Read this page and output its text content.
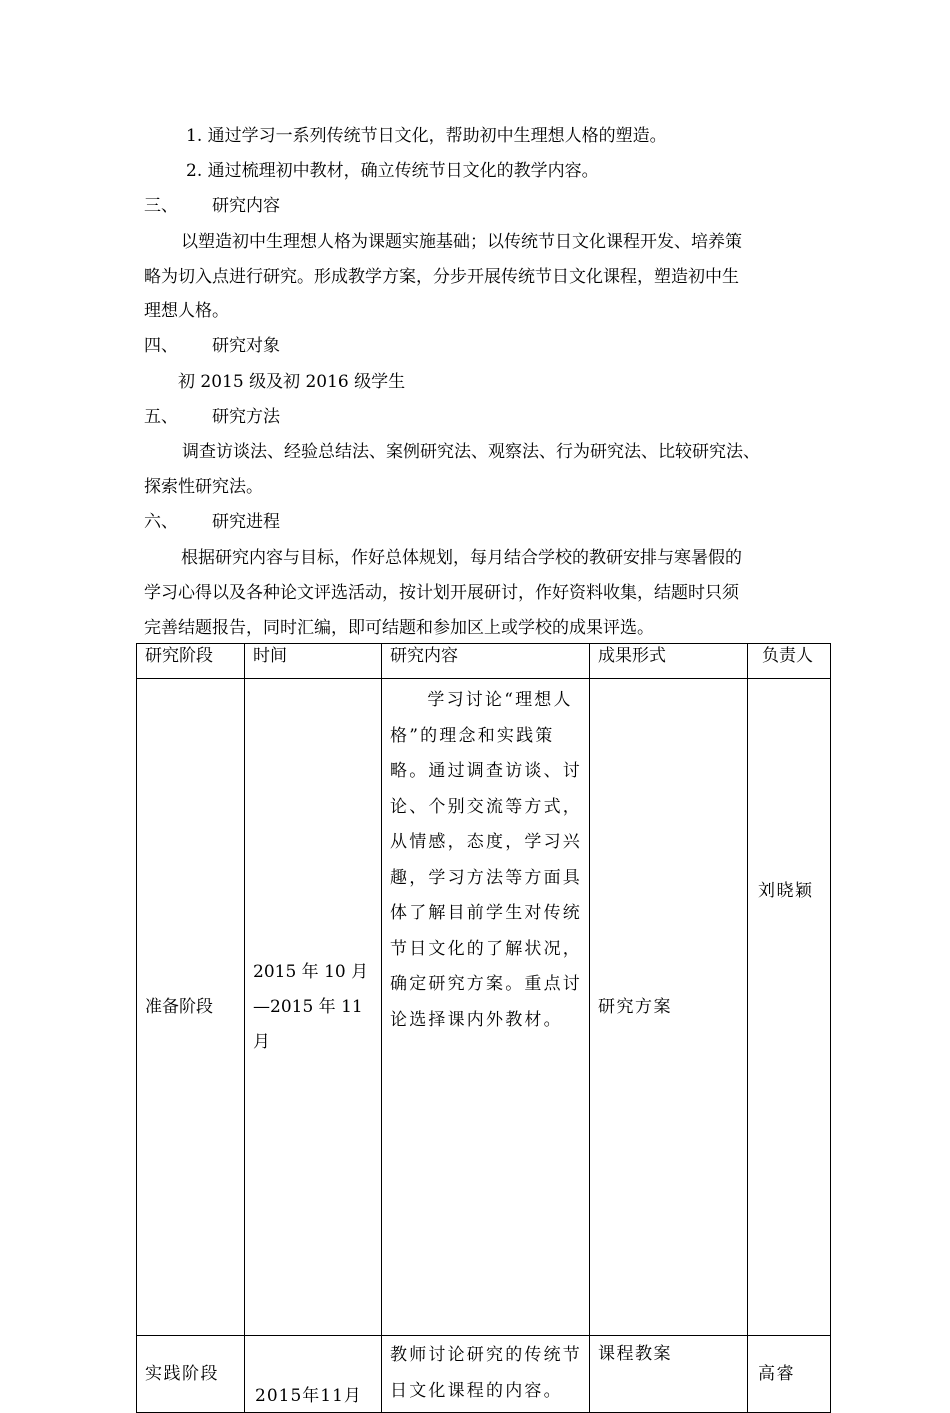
1. 通过学习一系列传统节日文化，帮助初中生理想人格的塑造。
2. 通过梳理初中教材，确立传统节日文化的教学内容。
三、 研究内容
以塑造初中生理想人格为课题实施基础；以传统节日文化课程开发、培养策
略为切入点进行研究。形成教学方案，分步开展传统节日文化课程，塑造初中生
理想人格。
四、 研究对象
初 2015 级及初 2016 级学生
五、 研究方法
调查访谈法、经验总结法、案例研究法、观察法、行为研究法、比较研究法、
探索性研究法。
六、 研究进程
根据研究内容与目标，作好总体规划，每月结合学校的教研安排与寒暑假的
学习心得以及各种论文评选活动，按计划开展研讨，作好资料收集，结题时只须
完善结题报告，同时汇编，即可结题和参加区上或学校的成果评选。
研究阶段	时间	研究内容	成果形式	负责人
准备阶段	2015 年 10 月
—2015 年 11
月	学习讨论“理想人格”的理念和实践策略。通过调查访谈、讨论、个别交流等方式，从情感，态度，学习兴趣，学习方法等方面具体了解目前学生对传统节日文化的了解状况，确定研究方案。重点讨论选择课内外教材。	研究方案	刘晓颖
实践阶段	2015年11月	教师讨论研究的传统节日文化课程的内容。	课程教案	高睿
